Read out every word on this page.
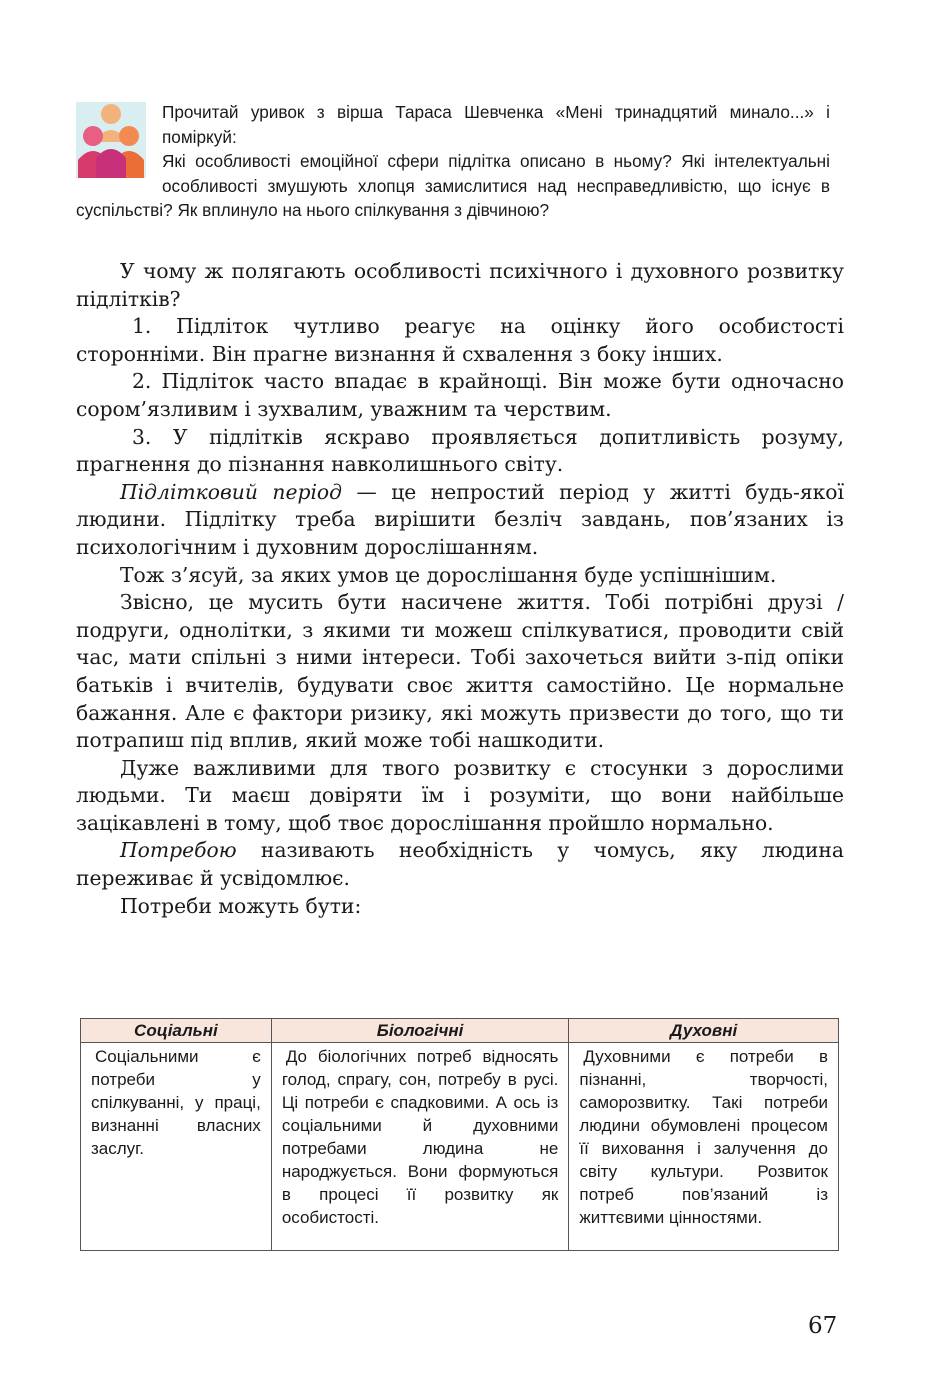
Прочитай уривок з вірша Тараса Шевченка «Мені тринадцятий минало...» і поміркуй:

Які особливості емоційної сфери підлітка описано в ньому? Які інтелектуальні особливості змушують хлопця замислитися над несправедливістю, що існує в суспільстві? Як вплинуло на нього спілкування з дівчиною?

У чому ж полягають особливості психічного і духовного розвитку підлітків?

1. Підліток чутливо реагує на оцінку його особистості сторонніми. Він прагне визнання й схвалення з боку інших.

2. Підліток часто впадає в крайнощі. Він може бути одночасно сором’язливим і зухвалим, уважним та черствим.

3. У підлітків яскраво проявляється допитливість розуму, прагнення до пізнання навколишнього світу.

Підлітковий період — це непростий період у житті будь-якої людини. Підлітку треба вирішити безліч завдань, пов’язаних із психологічним і духовним дорослішанням.

Тож з’ясуй, за яких умов це дорослішання буде успішнішим.

Звісно, це мусить бути насичене життя. Тобі потрібні друзі / подруги, однолітки, з якими ти можеш спілкуватися, проводити свій час, мати спільні з ними інтереси. Тобі захочеться вийти з-під опіки батьків і вчителів, будувати своє життя самостійно. Це нормальне бажання. Але є фактори ризику, які можуть призвести до того, що ти потрапиш під вплив, який може тобі нашкодити.

Дуже важливими для твого розвитку є стосунки з дорослими людьми. Ти маєш довіряти їм і розуміти, що вони найбільше зацікавлені в тому, щоб твоє дорослішання пройшло нормально.

Потребою називають необхідність у чомусь, яку людина переживає й усвідомлює.

Потреби можуть бути:

Соціальні	Біологічні	Духовні

Соціальними є потреби у спілкуванні, у праці, визнанні власних заслуг.	До біологічних потреб відносять голод, спрагу, сон, потребу в русі. Ці потреби є спадковими. А ось із соціальними й духовними потребами людина не народжується. Вони формуються в процесі її розвитку як особистості.	Духовними є потреби в пізнанні, творчості, саморозвитку. Такі потреби людини обумовлені процесом її виховання і залучення до світу культури. Розвиток потреб пов’язаний із життєвими цінностями.
67
